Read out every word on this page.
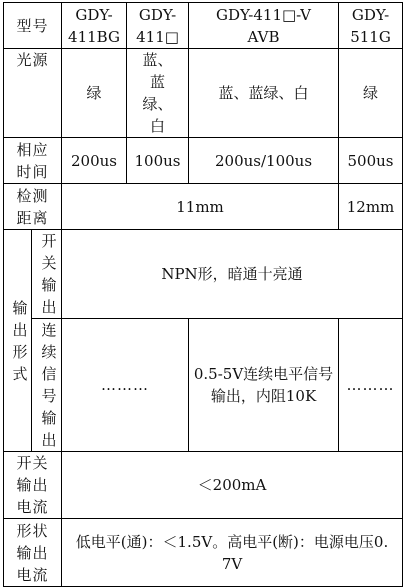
型号		GDY-411BG	GDY-411□	GDY-411□-VAVB	GDY-511G
光源		绿	蓝、蓝绿、白	蓝、蓝绿、白	绿
相应时间		200us	100us	200us/100us	500us
检测距离		11mm			12mm
输出形式	开关输出	NPN形，暗通十亮通			
	连续信号输出	………		0.5-5V连续电平信号输出，内阻10K	………
开关输出电流		＜200mA			
形状输出电流		低电平(通)：＜1.5V。高电平(断)：电源电压0.7V			
